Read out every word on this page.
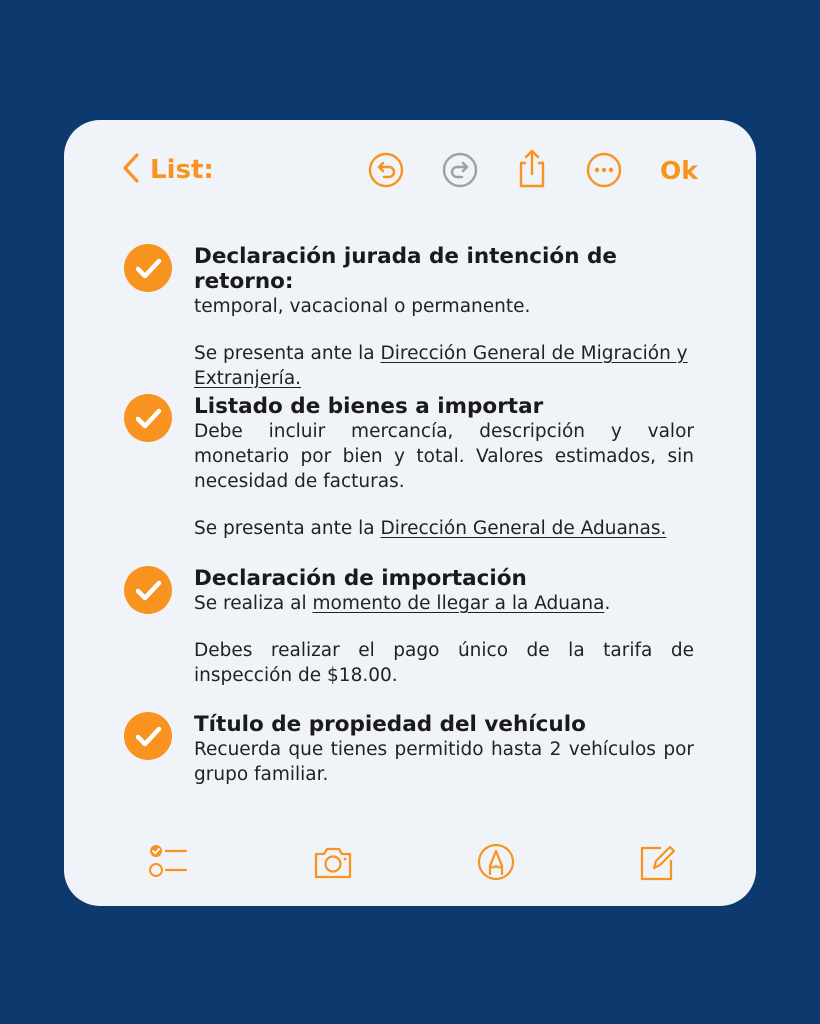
List:	Ok
Declaración jurada de intención de retorno:
temporal, vacacional o permanente.
Se presenta ante la Dirección General de Migración y Extranjería.
Listado de bienes a importar
Debe incluir mercancía, descripción y valor monetario por bien y total. Valores estimados, sin necesidad de facturas.
Se presenta ante la Dirección General de Aduanas.
Declaración de importación
Se realiza al momento de llegar a la Aduana.
Debes realizar el pago único de la tarifa de inspección de $18.00.
Título de propiedad del vehículo
Recuerda que tienes permitido hasta 2 vehículos por grupo familiar.
